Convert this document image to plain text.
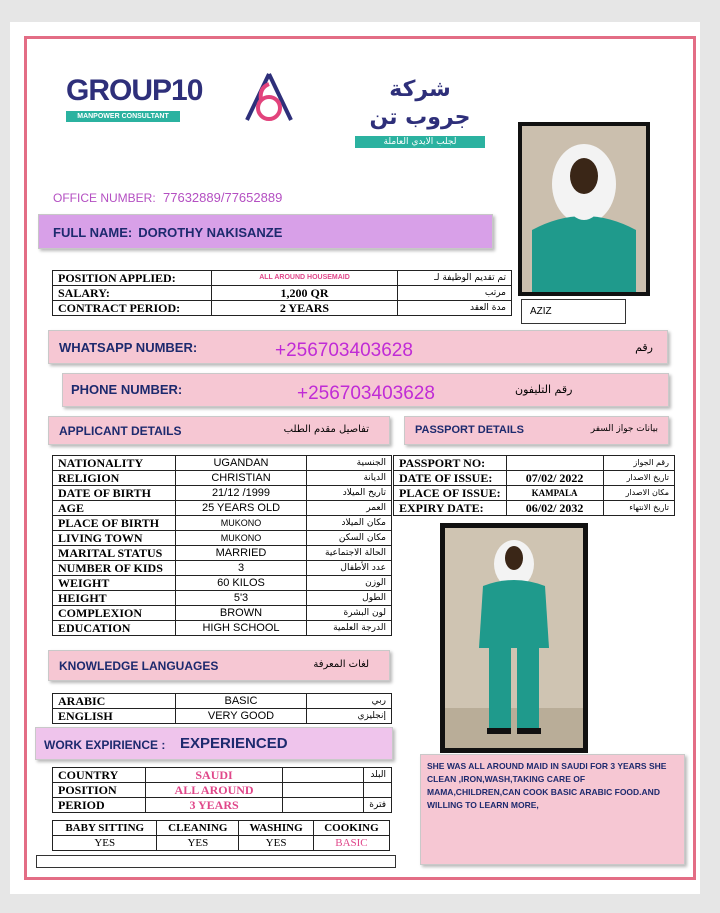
GROUP10
MANPOWER CONSULTANT
شركة جروب تن
لجلب الايدي العاملة
AZIZ
OFFICE NUMBER: 77632889/77652889
FULL NAME: DOROTHY NAKISANZE
POSITION APPLIED:	ALL AROUND HOUSEMAID	تم تقديم الوظيفة لـ
SALARY:	1,200 QR	مرتب
CONTRACT PERIOD:	2 YEARS	مدة العقد
WHATSAPP NUMBER:	+256703403628	رقم
PHONE NUMBER:	+256703403628	رقم التليفون
APPLICANT DETAILS	تفاصيل مقدم الطلب	PASSPORT DETAILS	بيانات جواز السفر
NATIONALITY	UGANDAN	الجنسية
RELIGION	CHRISTIAN	الديانة
DATE OF BIRTH	21/12 /1999	تاريخ الميلاد
AGE	25 YEARS OLD	العمر
PLACE OF BIRTH	MUKONO	مكان الميلاد
LIVING TOWN	MUKONO	مكان السكن
MARITAL STATUS	MARRIED	الحالة الاجتماعية
NUMBER OF KIDS	3	عدد الأطفال
WEIGHT	60 KILOS	الوزن
HEIGHT	5'3	الطول
COMPLEXION	BROWN	لون البشرة
EDUCATION	HIGH SCHOOL	الدرجة العلمية
PASSPORT NO:		رقم الجواز
DATE OF ISSUE:	07/02/ 2022	تاريخ الاصدار
PLACE OF ISSUE:	KAMPALA	مكان الاصدار
EXPIRY DATE:	06/02/ 2032	تاريخ الانتهاء
KNOWLEDGE LANGUAGES	لغات المعرفة
ARABIC	BASIC	ربي
ENGLISH	VERY GOOD	إنجليزي
WORK EXPIRIENCE : EXPERIENCED
COUNTRY	SAUDI		البلد
POSITION	ALL AROUND		
PERIOD	3 YEARS		فترة
BABY SITTING	CLEANING	WASHING	COOKING
YES	YES	YES	BASIC
SHE WAS ALL AROUND MAID IN SAUDI FOR 3 YEARS SHE CLEAN ,IRON,WASH,TAKING CARE OF MAMA,CHILDREN,CAN COOK BASIC ARABIC FOOD.AND WILLING TO LEARN MORE,
